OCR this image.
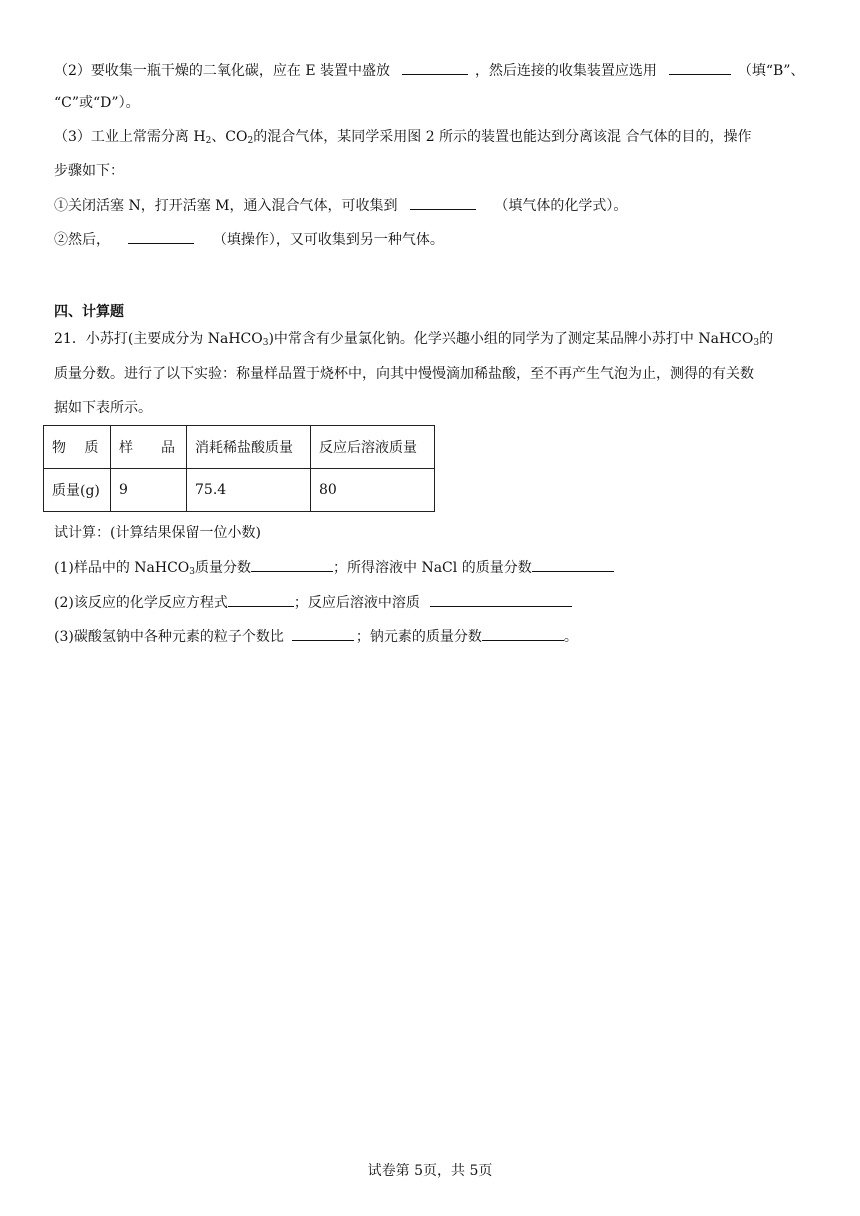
（2）要收集一瓶干燥的二氧化碳，应在 E 装置中盛放	，然后连接的收集装置应选用	（填“B”、
“C”或“D”）。
（3）工业上常需分离 $H_2$、$CO_2$的混合气体，某同学采用图 2 所示的装置也能达到分离该混 合气体的目的，操作
步骤如下：
①关闭活塞 N，打开活塞 M，通入混合气体，可收集到	（填气体的化学式）。
②然后，	（填操作），又可收集到另一种气体。
四、计算题
21．小苏打(主要成分为 NaHCO$_3$)中常含有少量氯化钠。化学兴趣小组的同学为了测定某品牌小苏打中 NaHCO$_3$的
质量分数。进行了以下实验：称量样品置于烧杯中，向其中慢慢滴加稀盐酸，至不再产生气泡为止，测得的有关数
据如下表所示。
物　 质	样　　品	消耗稀盐酸质量	反应后溶液质量
质量(g)	9	75.4	80
试计算：(计算结果保留一位小数)
(1)样品中的 NaHCO$_3$质量分数	；所得溶液中 NaCl 的质量分数
(2)该反应的化学反应方程式	；反应后溶液中溶质
(3)碳酸氢钠中各种元素的粒子个数比	；钠元素的质量分数	。
试卷第 5页，共 5页
